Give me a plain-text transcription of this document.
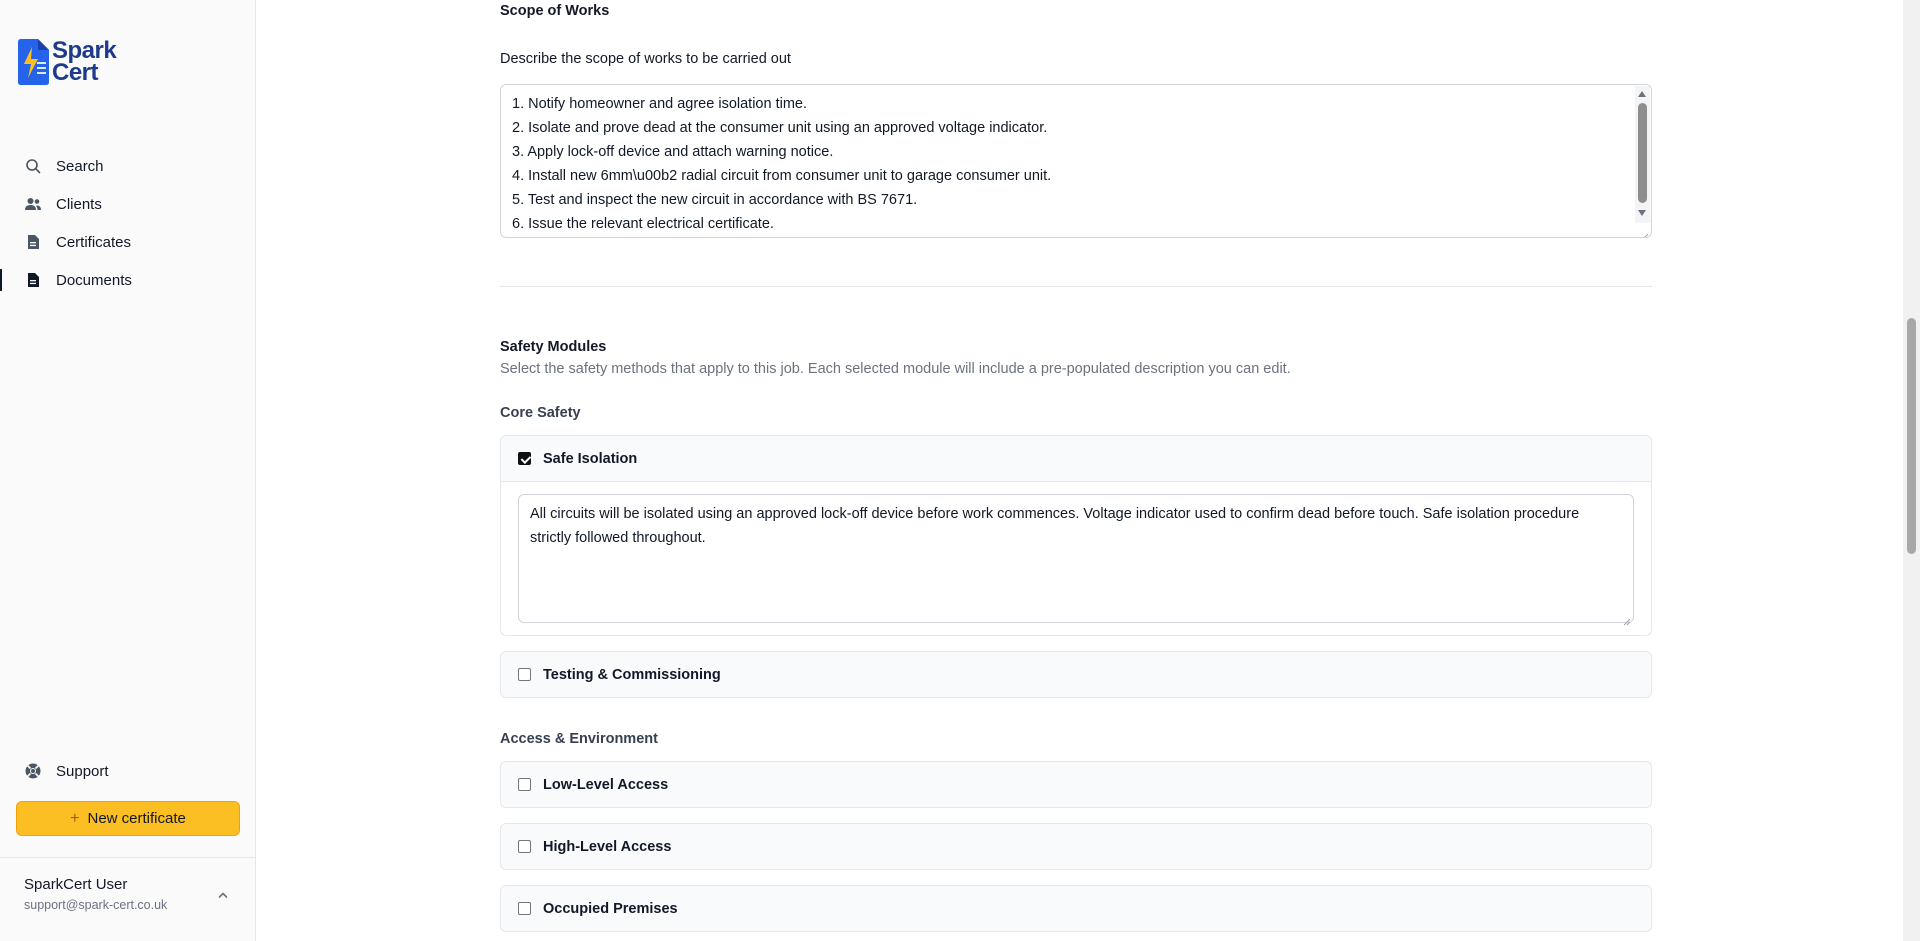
Spark
Cert
Search
Clients
Certificates
Documents
Support
+ New certificate
SparkCert User
support@spark-cert.co.uk
Scope of Works
Describe the scope of works to be carried out
1. Notify homeowner and agree isolation time.
2. Isolate and prove dead at the consumer unit using an approved voltage indicator.
3. Apply lock-off device and attach warning notice.
4. Install new 6mm\u00b2 radial circuit from consumer unit to garage consumer unit.
5. Test and inspect the new circuit in accordance with BS 7671.
6. Issue the relevant electrical certificate.
Safety Modules
Select the safety methods that apply to this job. Each selected module will include a pre-populated description you can edit.
Core Safety
Safe Isolation
All circuits will be isolated using an approved lock-off device before work commences. Voltage indicator used to confirm dead before touch. Safe isolation procedure strictly followed throughout.
Testing & Commissioning
Access & Environment
Low-Level Access
High-Level Access
Occupied Premises
